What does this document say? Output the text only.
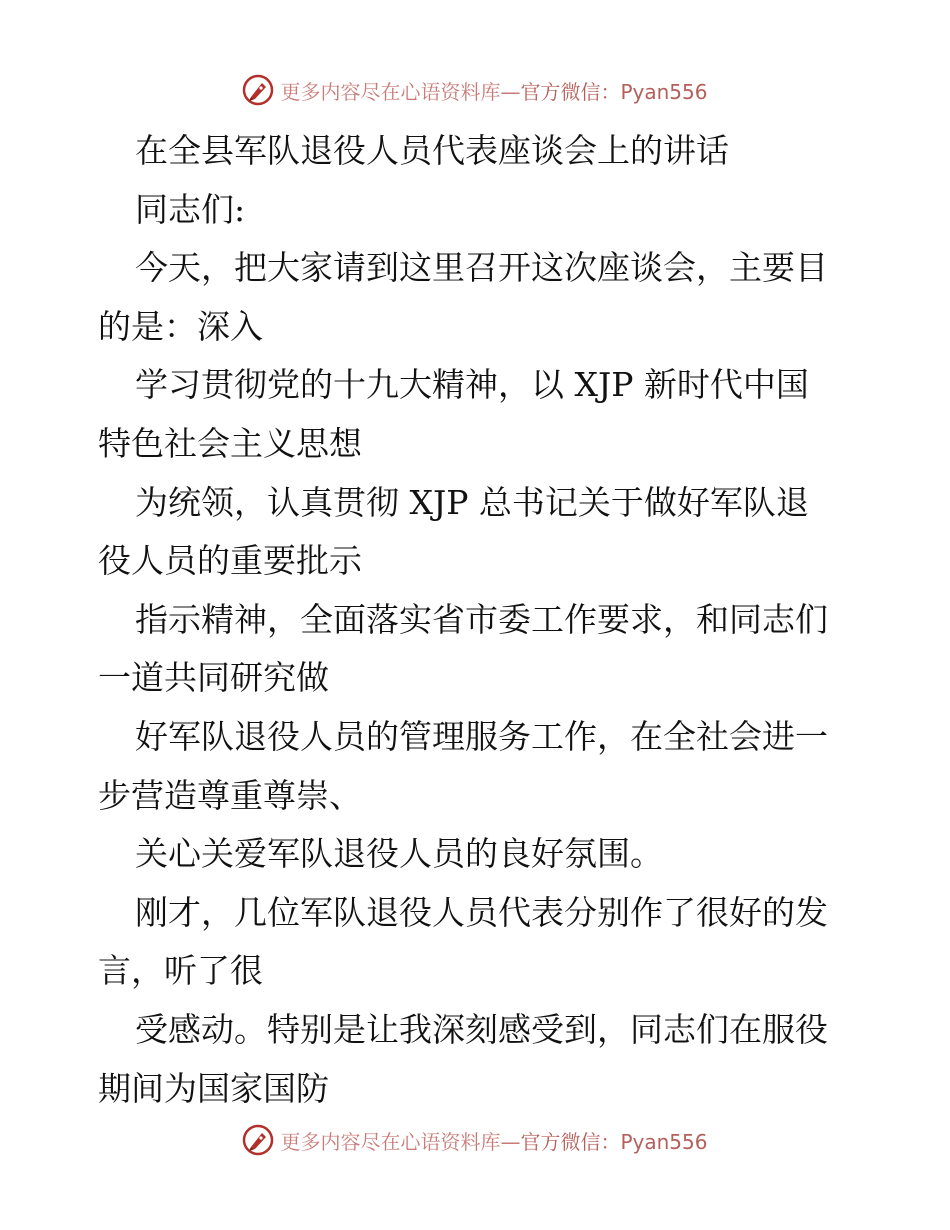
更多内容尽在心语资料库—官方微信：Pyan556
在全县军队退役人员代表座谈会上的讲话
同志们:
今天，把大家请到这里召开这次座谈会，主要目
的是：深入
学习贯彻党的十九大精神，以 XJP 新时代中国
特色社会主义思想
为统领，认真贯彻 XJP 总书记关于做好军队退
役人员的重要批示
指示精神，全面落实省市委工作要求，和同志们
一道共同研究做
好军队退役人员的管理服务工作，在全社会进一
步营造尊重尊崇、
关心关爱军队退役人员的良好氛围。
刚才，几位军队退役人员代表分别作了很好的发
言，听了很
受感动。特别是让我深刻感受到，同志们在服役
期间为国家国防
更多内容尽在心语资料库—官方微信：Pyan556
